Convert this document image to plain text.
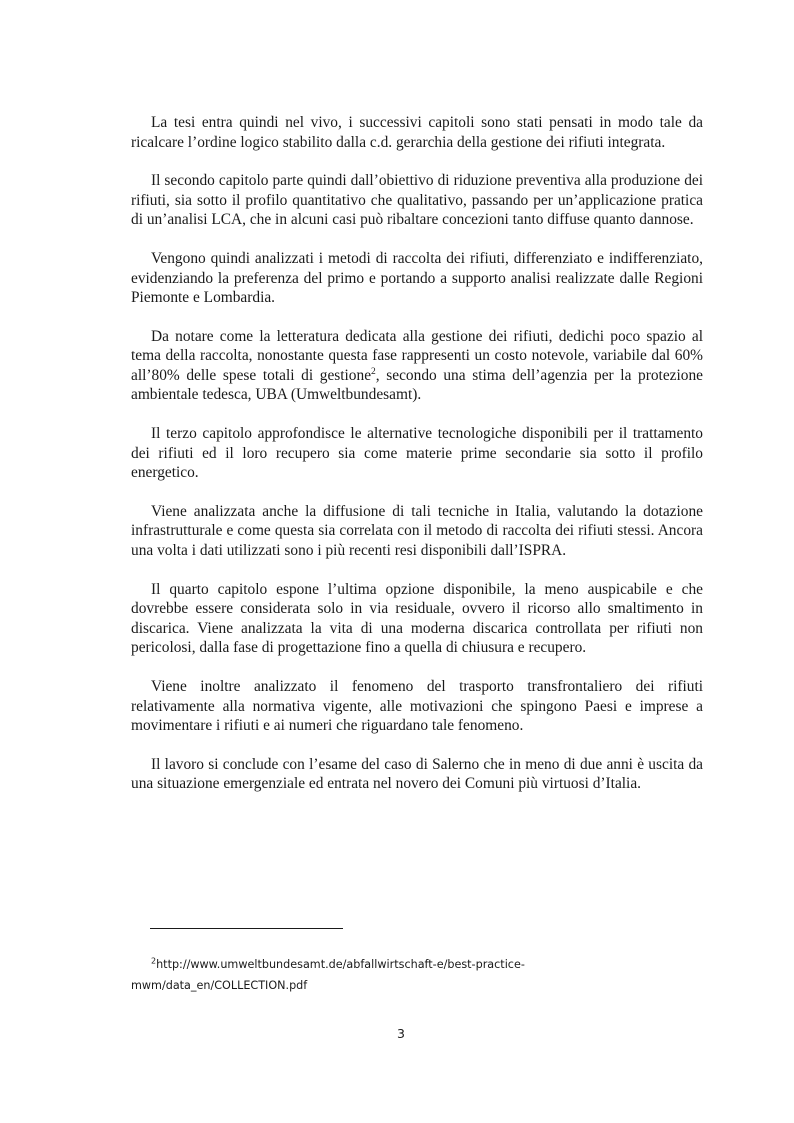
La tesi entra quindi nel vivo, i successivi capitoli sono stati pensati in modo tale da ricalcare l’ordine logico stabilito dalla c.d. gerarchia della gestione dei rifiuti integrata.

Il secondo capitolo parte quindi dall’obiettivo di riduzione preventiva alla produzione dei rifiuti, sia sotto il profilo quantitativo che qualitativo, passando per un’applicazione pratica di un’analisi LCA, che in alcuni casi può ribaltare concezioni tanto diffuse quanto dannose.

Vengono quindi analizzati i metodi di raccolta dei rifiuti, differenziato e indifferenziato, evidenziando la preferenza del primo e portando a supporto analisi realizzate dalle Regioni Piemonte e Lombardia.

Da notare come la letteratura dedicata alla gestione dei rifiuti, dedichi poco spazio al tema della raccolta, nonostante questa fase rappresenti un costo notevole, variabile dal 60% all’80% delle spese totali di gestione$^2$, secondo una stima dell’agenzia per la protezione ambientale tedesca, UBA (Umweltbundesamt).

Il terzo capitolo approfondisce le alternative tecnologiche disponibili per il trattamento dei rifiuti ed il loro recupero sia come materie prime secondarie sia sotto il profilo energetico.

Viene analizzata anche la diffusione di tali tecniche in Italia, valutando la dotazione infrastrutturale e come questa sia correlata con il metodo di raccolta dei rifiuti stessi. Ancora una volta i dati utilizzati sono i più recenti resi disponibili dall’ISPRA.

Il quarto capitolo espone l’ultima opzione disponibile, la meno auspicabile e che dovrebbe essere considerata solo in via residuale, ovvero il ricorso allo smaltimento in discarica. Viene analizzata la vita di una moderna discarica controllata per rifiuti non pericolosi, dalla fase di progettazione fino a quella di chiusura e recupero.

Viene inoltre analizzato il fenomeno del trasporto transfrontaliero dei rifiuti relativamente alla normativa vigente, alle motivazioni che spingono Paesi e imprese a movimentare i rifiuti e ai numeri che riguardano tale fenomeno.

Il lavoro si conclude con l’esame del caso di Salerno che in meno di due anni è uscita da una situazione emergenziale ed entrata nel novero dei Comuni più virtuosi d’Italia.

$^2$http://www.umweltbundesamt.de/abfallwirtschaft-e/best-practice-
mwm/data_en/COLLECTION.pdf
3
